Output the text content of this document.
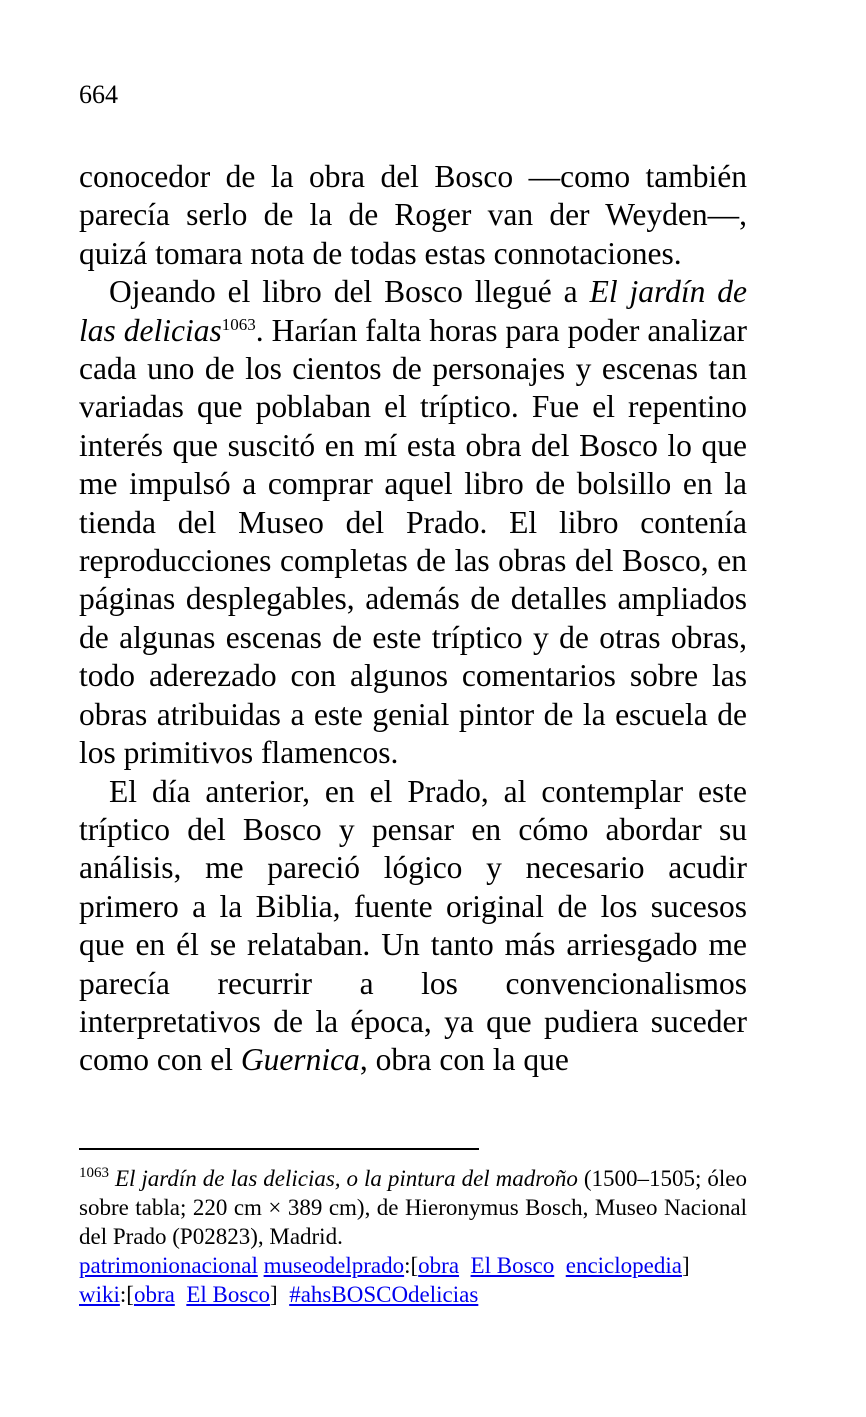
664

conocedor de la obra del Bosco —como también parecía serlo de la de Roger van der Weyden—, quizá tomara nota de todas estas connotaciones.

Ojeando el libro del Bosco llegué a El jardín de las delicias$^{1063}$. Harían falta horas para poder analizar cada uno de los cientos de personajes y escenas tan variadas que poblaban el tríptico. Fue el repentino interés que suscitó en mí esta obra del Bosco lo que me impulsó a comprar aquel libro de bolsillo en la tienda del Museo del Prado. El libro contenía reproducciones completas de las obras del Bosco, en páginas desplegables, además de detalles ampliados de algunas escenas de este tríptico y de otras obras, todo aderezado con algunos comentarios sobre las obras atribuidas a este genial pintor de la escuela de los primitivos flamencos.

El día anterior, en el Prado, al contemplar este tríptico del Bosco y pensar en cómo abordar su análisis, me pareció lógico y necesario acudir primero a la Biblia, fuente original de los sucesos que en él se relataban. Un tanto más arriesgado me parecía recurrir a los convencionalismos interpretativos de la época, ya que pudiera suceder como con el Guernica, obra con la que

$^{1063}$ El jardín de las delicias, o la pintura del madroño (1500–1505; óleo sobre tabla; 220 cm × 389 cm), de Hieronymus Bosch, Museo Nacional del Prado (P02823), Madrid.

patrimonionacional museodelprado:[obra El Bosco enciclopedia]

wiki:[obra El Bosco] #ahsBOSCOdelicias
